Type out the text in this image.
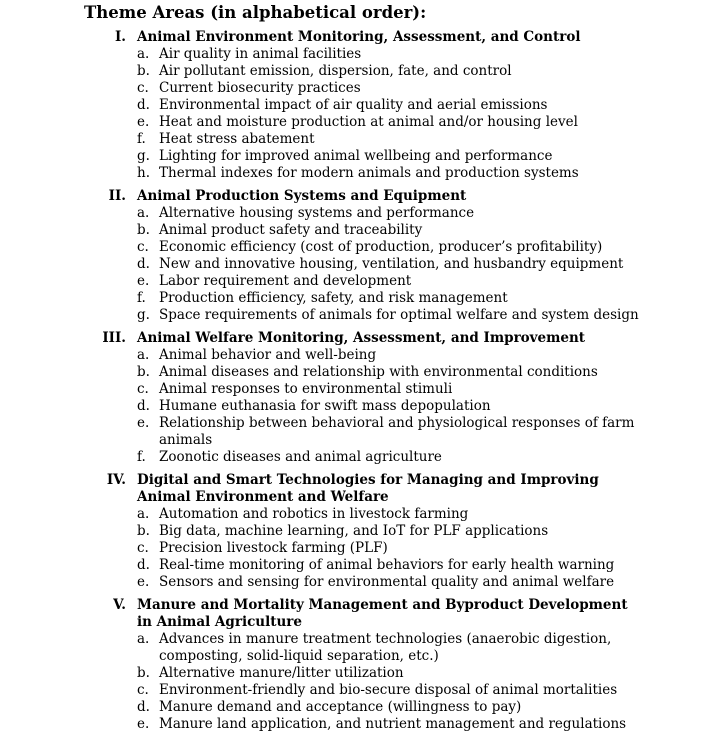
Theme Areas (in alphabetical order):
I. Animal Environment Monitoring, Assessment, and Control
a. Air quality in animal facilities
b. Air pollutant emission, dispersion, fate, and control
c. Current biosecurity practices
d. Environmental impact of air quality and aerial emissions
e. Heat and moisture production at animal and/or housing level
f. Heat stress abatement
g. Lighting for improved animal wellbeing and performance
h. Thermal indexes for modern animals and production systems
II. Animal Production Systems and Equipment
a. Alternative housing systems and performance
b. Animal product safety and traceability
c. Economic efficiency (cost of production, producer’s profitability)
d. New and innovative housing, ventilation, and husbandry equipment
e. Labor requirement and development
f. Production efficiency, safety, and risk management
g. Space requirements of animals for optimal welfare and system design
III. Animal Welfare Monitoring, Assessment, and Improvement
a. Animal behavior and well-being
b. Animal diseases and relationship with environmental conditions
c. Animal responses to environmental stimuli
d. Humane euthanasia for swift mass depopulation
e. Relationship between behavioral and physiological responses of farm animals
f. Zoonotic diseases and animal agriculture
IV. Digital and Smart Technologies for Managing and Improving Animal Environment and Welfare
a. Automation and robotics in livestock farming
b. Big data, machine learning, and IoT for PLF applications
c. Precision livestock farming (PLF)
d. Real-time monitoring of animal behaviors for early health warning
e. Sensors and sensing for environmental quality and animal welfare
V. Manure and Mortality Management and Byproduct Development in Animal Agriculture
a. Advances in manure treatment technologies (anaerobic digestion, composting, solid-liquid separation, etc.)
b. Alternative manure/litter utilization
c. Environment-friendly and bio-secure disposal of animal mortalities
d. Manure demand and acceptance (willingness to pay)
e. Manure land application, and nutrient management and regulations
